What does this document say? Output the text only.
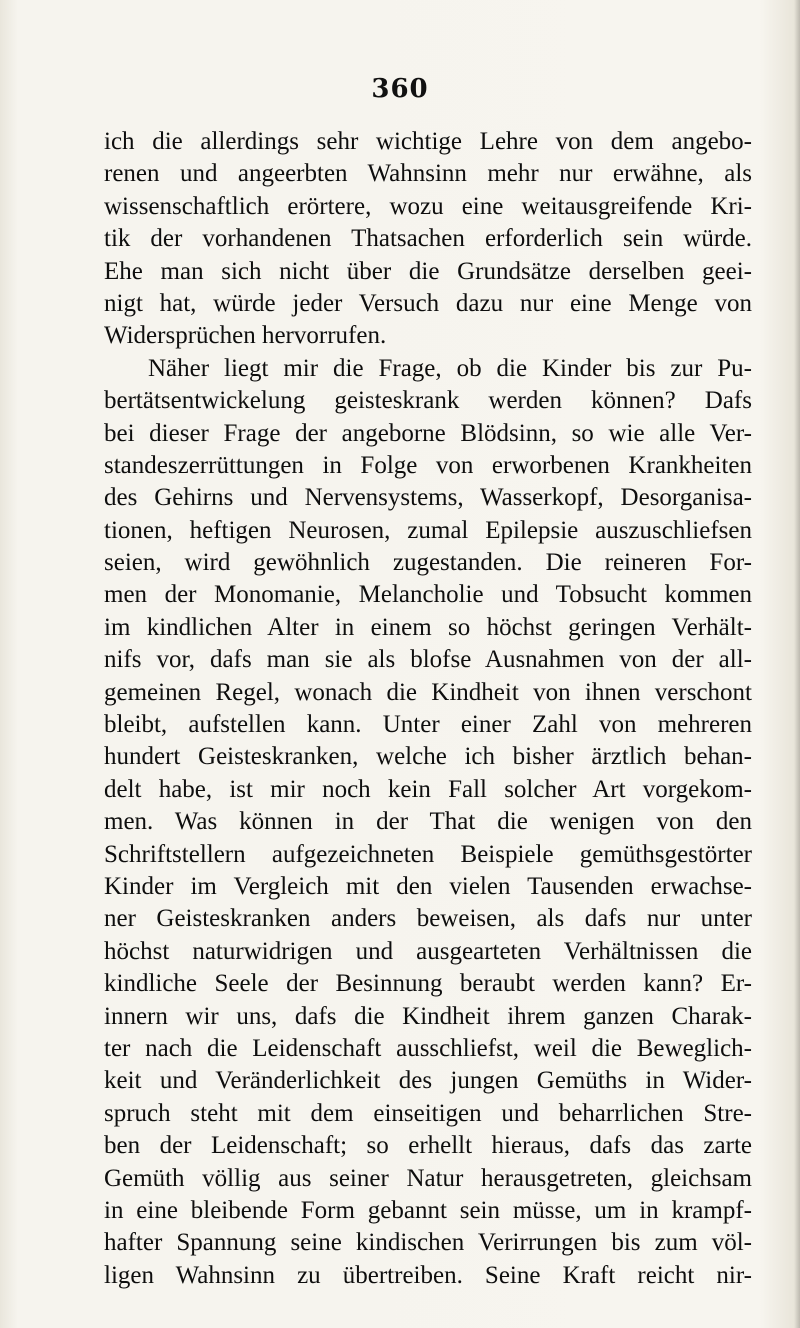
360
ich die allerdings sehr wichtige Lehre von dem angebo-
renen und angeerbten Wahnsinn mehr nur erwähne, als
wissenschaftlich erörtere, wozu eine weitausgreifende Kri-
tik der vorhandenen Thatsachen erforderlich sein würde.
Ehe man sich nicht über die Grundsätze derselben geei-
nigt hat, würde jeder Versuch dazu nur eine Menge von
Widersprüchen hervorrufen.
Näher liegt mir die Frage, ob die Kinder bis zur Pu-
bertätsentwickelung geisteskrank werden können? Dafs
bei dieser Frage der angeborne Blödsinn, so wie alle Ver-
standeszerrüttungen in Folge von erworbenen Krankheiten
des Gehirns und Nervensystems, Wasserkopf, Desorganisa-
tionen, heftigen Neurosen, zumal Epilepsie auszuschliefsen
seien, wird gewöhnlich zugestanden. Die reineren For-
men der Monomanie, Melancholie und Tobsucht kommen
im kindlichen Alter in einem so höchst geringen Verhält-
nifs vor, dafs man sie als blofse Ausnahmen von der all-
gemeinen Regel, wonach die Kindheit von ihnen verschont
bleibt, aufstellen kann. Unter einer Zahl von mehreren
hundert Geisteskranken, welche ich bisher ärztlich behan-
delt habe, ist mir noch kein Fall solcher Art vorgekom-
men. Was können in der That die wenigen von den
Schriftstellern aufgezeichneten Beispiele gemüthsgestörter
Kinder im Vergleich mit den vielen Tausenden erwachse-
ner Geisteskranken anders beweisen, als dafs nur unter
höchst naturwidrigen und ausgearteten Verhältnissen die
kindliche Seele der Besinnung beraubt werden kann? Er-
innern wir uns, dafs die Kindheit ihrem ganzen Charak-
ter nach die Leidenschaft ausschliefst, weil die Beweglich-
keit und Veränderlichkeit des jungen Gemüths in Wider-
spruch steht mit dem einseitigen und beharrlichen Stre-
ben der Leidenschaft; so erhellt hieraus, dafs das zarte
Gemüth völlig aus seiner Natur herausgetreten, gleichsam
in eine bleibende Form gebannt sein müsse, um in krampf-
hafter Spannung seine kindischen Verirrungen bis zum völ-
ligen Wahnsinn zu übertreiben. Seine Kraft reicht nir-
